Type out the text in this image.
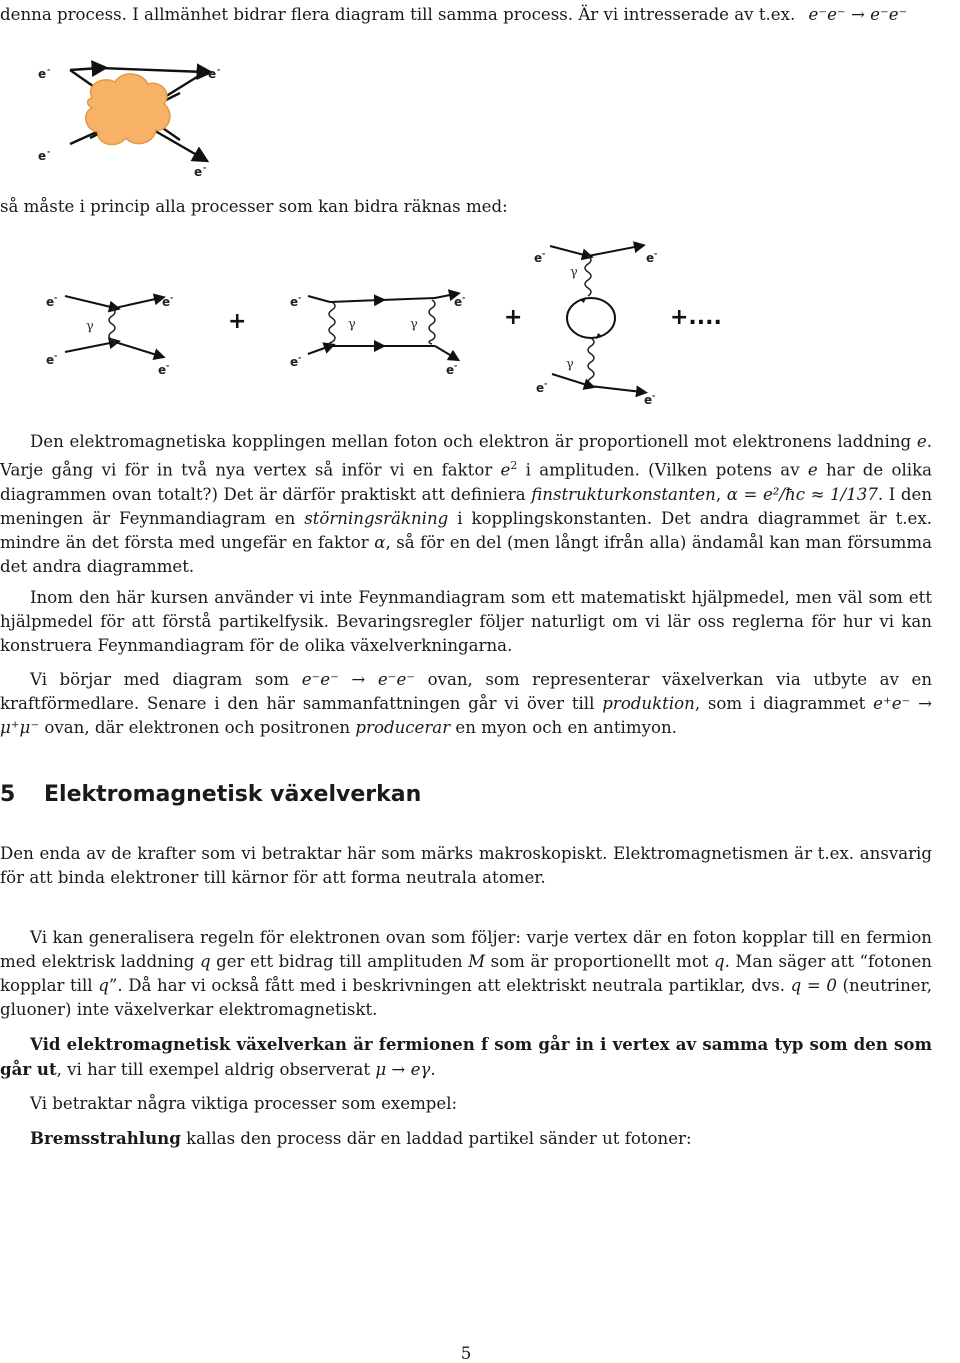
denna process. I allmänhet bidrar flera diagram till samma process. Är vi intresserade av t.ex. e⁻e⁻ → e⁻e⁻
e -	e -
e -
e -
så måste i princip alla processer som kan bidra räknas med:
γ
e -	e -
e -
e -
+	γ	γ
e -	e -
e -
e -
+
γ
γ
e -	e -
e -
e -
+....
Den elektromagnetiska kopplingen mellan foton och elektron är proportionell mot elektronens laddning e. Varje gång vi för in två nya vertex så inför vi en faktor $e^2$ i amplituden. (Vilken potens av e har de olika diagrammen ovan totalt?) Det är därför praktiskt att definiera finstrukturkonstanten, α = e²/ħc ≈ 1/137. I den meningen är Feynmandiagram en störningsräkning i kopplingskonstanten. Det andra diagrammet är t.ex. mindre än det första med ungefär en faktor α, så för en del (men långt ifrån alla) ändamål kan man försumma det andra diagrammet.
Inom den här kursen använder vi inte Feynmandiagram som ett matematiskt hjälpmedel, men väl som ett hjälpmedel för att förstå partikelfysik. Bevaringsregler följer naturligt om vi lär oss reglerna för hur vi kan konstruera Feynmandiagram för de olika växelverkningarna.
Vi börjar med diagram som e⁻e⁻ → e⁻e⁻ ovan, som representerar växelverkan via utbyte av en kraftförmedlare. Senare i den här sammanfattningen går vi över till produktion, som i diagrammet e⁺e⁻ → μ⁺μ⁻ ovan, där elektronen och positronen producerar en myon och en antimyon.
5 Elektromagnetisk växelverkan
Den enda av de krafter som vi betraktar här som märks makroskopiskt. Elektromagnetismen är t.ex. ansvarig för att binda elektroner till kärnor för att forma neutrala atomer.
Vi kan generalisera regeln för elektronen ovan som följer: varje vertex där en foton kopplar till en fermion med elektrisk laddning q ger ett bidrag till amplituden M som är proportionellt mot q. Man säger att “fotonen kopplar till q”. Då har vi också fått med i beskrivningen att elektriskt neutrala partiklar, dvs. q = 0 (neutriner, gluoner) inte växelverkar elektromagnetiskt.
Vid elektromagnetisk växelverkan är fermionen f som går in i vertex av samma typ som den som går ut, vi har till exempel aldrig observerat μ → eγ.
Vi betraktar några viktiga processer som exempel:
Bremsstrahlung kallas den process där en laddad partikel sänder ut fotoner:
5
